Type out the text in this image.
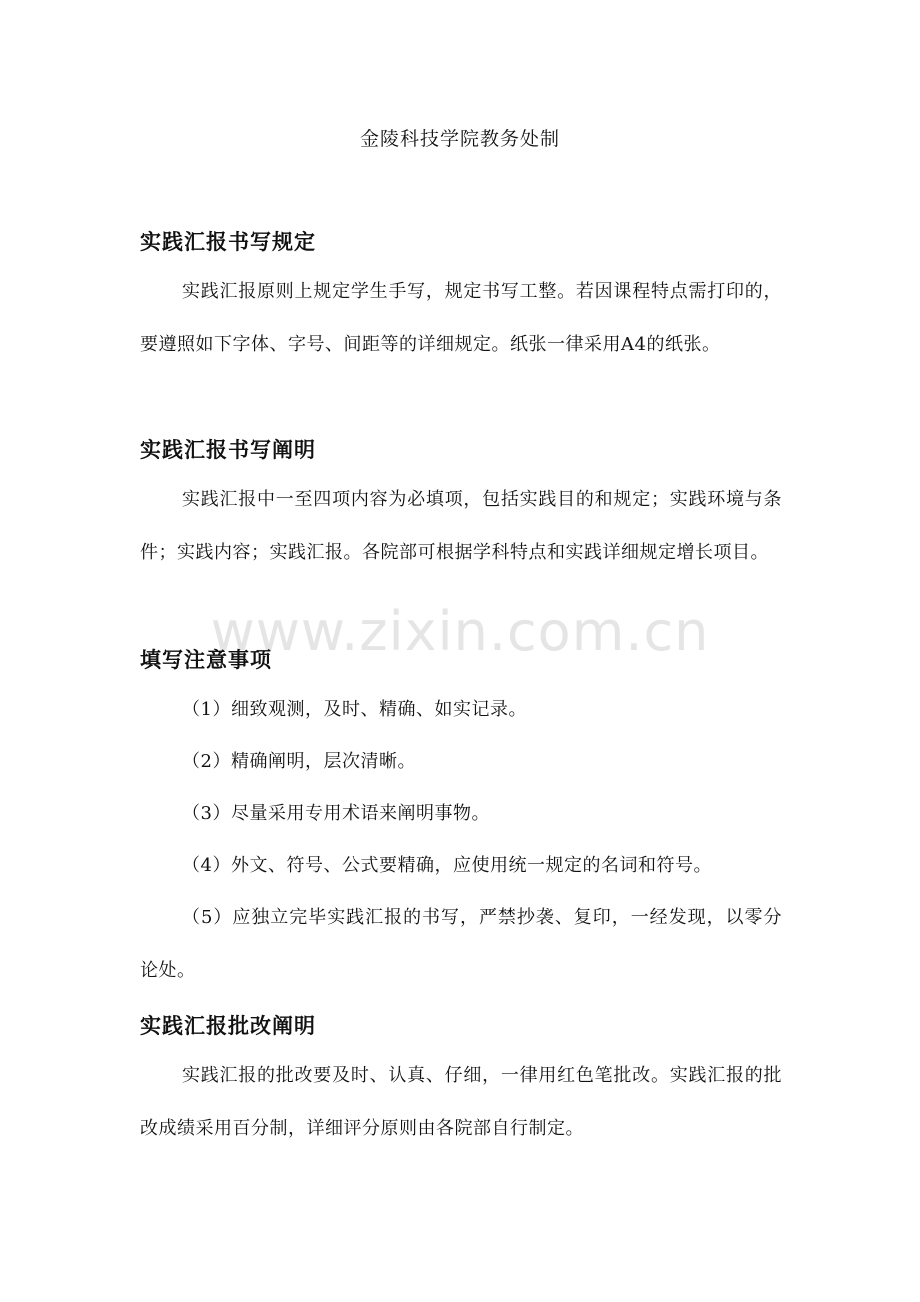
金陵科技学院教务处制
实践汇报书写规定
实践汇报原则上规定学生手写，规定书写工整。若因课程特点需打印的，要遵照如下字体、字号、间距等的详细规定。纸张一律采用A4的纸张。
实践汇报书写阐明
实践汇报中一至四项内容为必填项，包括实践目的和规定；实践环境与条件；实践内容；实践汇报。各院部可根据学科特点和实践详细规定增长项目。
填写注意事项
（1）细致观测，及时、精确、如实记录。
（2）精确阐明，层次清晰。
（3）尽量采用专用术语来阐明事物。
（4）外文、符号、公式要精确，应使用统一规定的名词和符号。
（5）应独立完毕实践汇报的书写，严禁抄袭、复印，一经发现，以零分论处。
实践汇报批改阐明
实践汇报的批改要及时、认真、仔细，一律用红色笔批改。实践汇报的批改成绩采用百分制，详细评分原则由各院部自行制定。
www.zixin.com.cn
